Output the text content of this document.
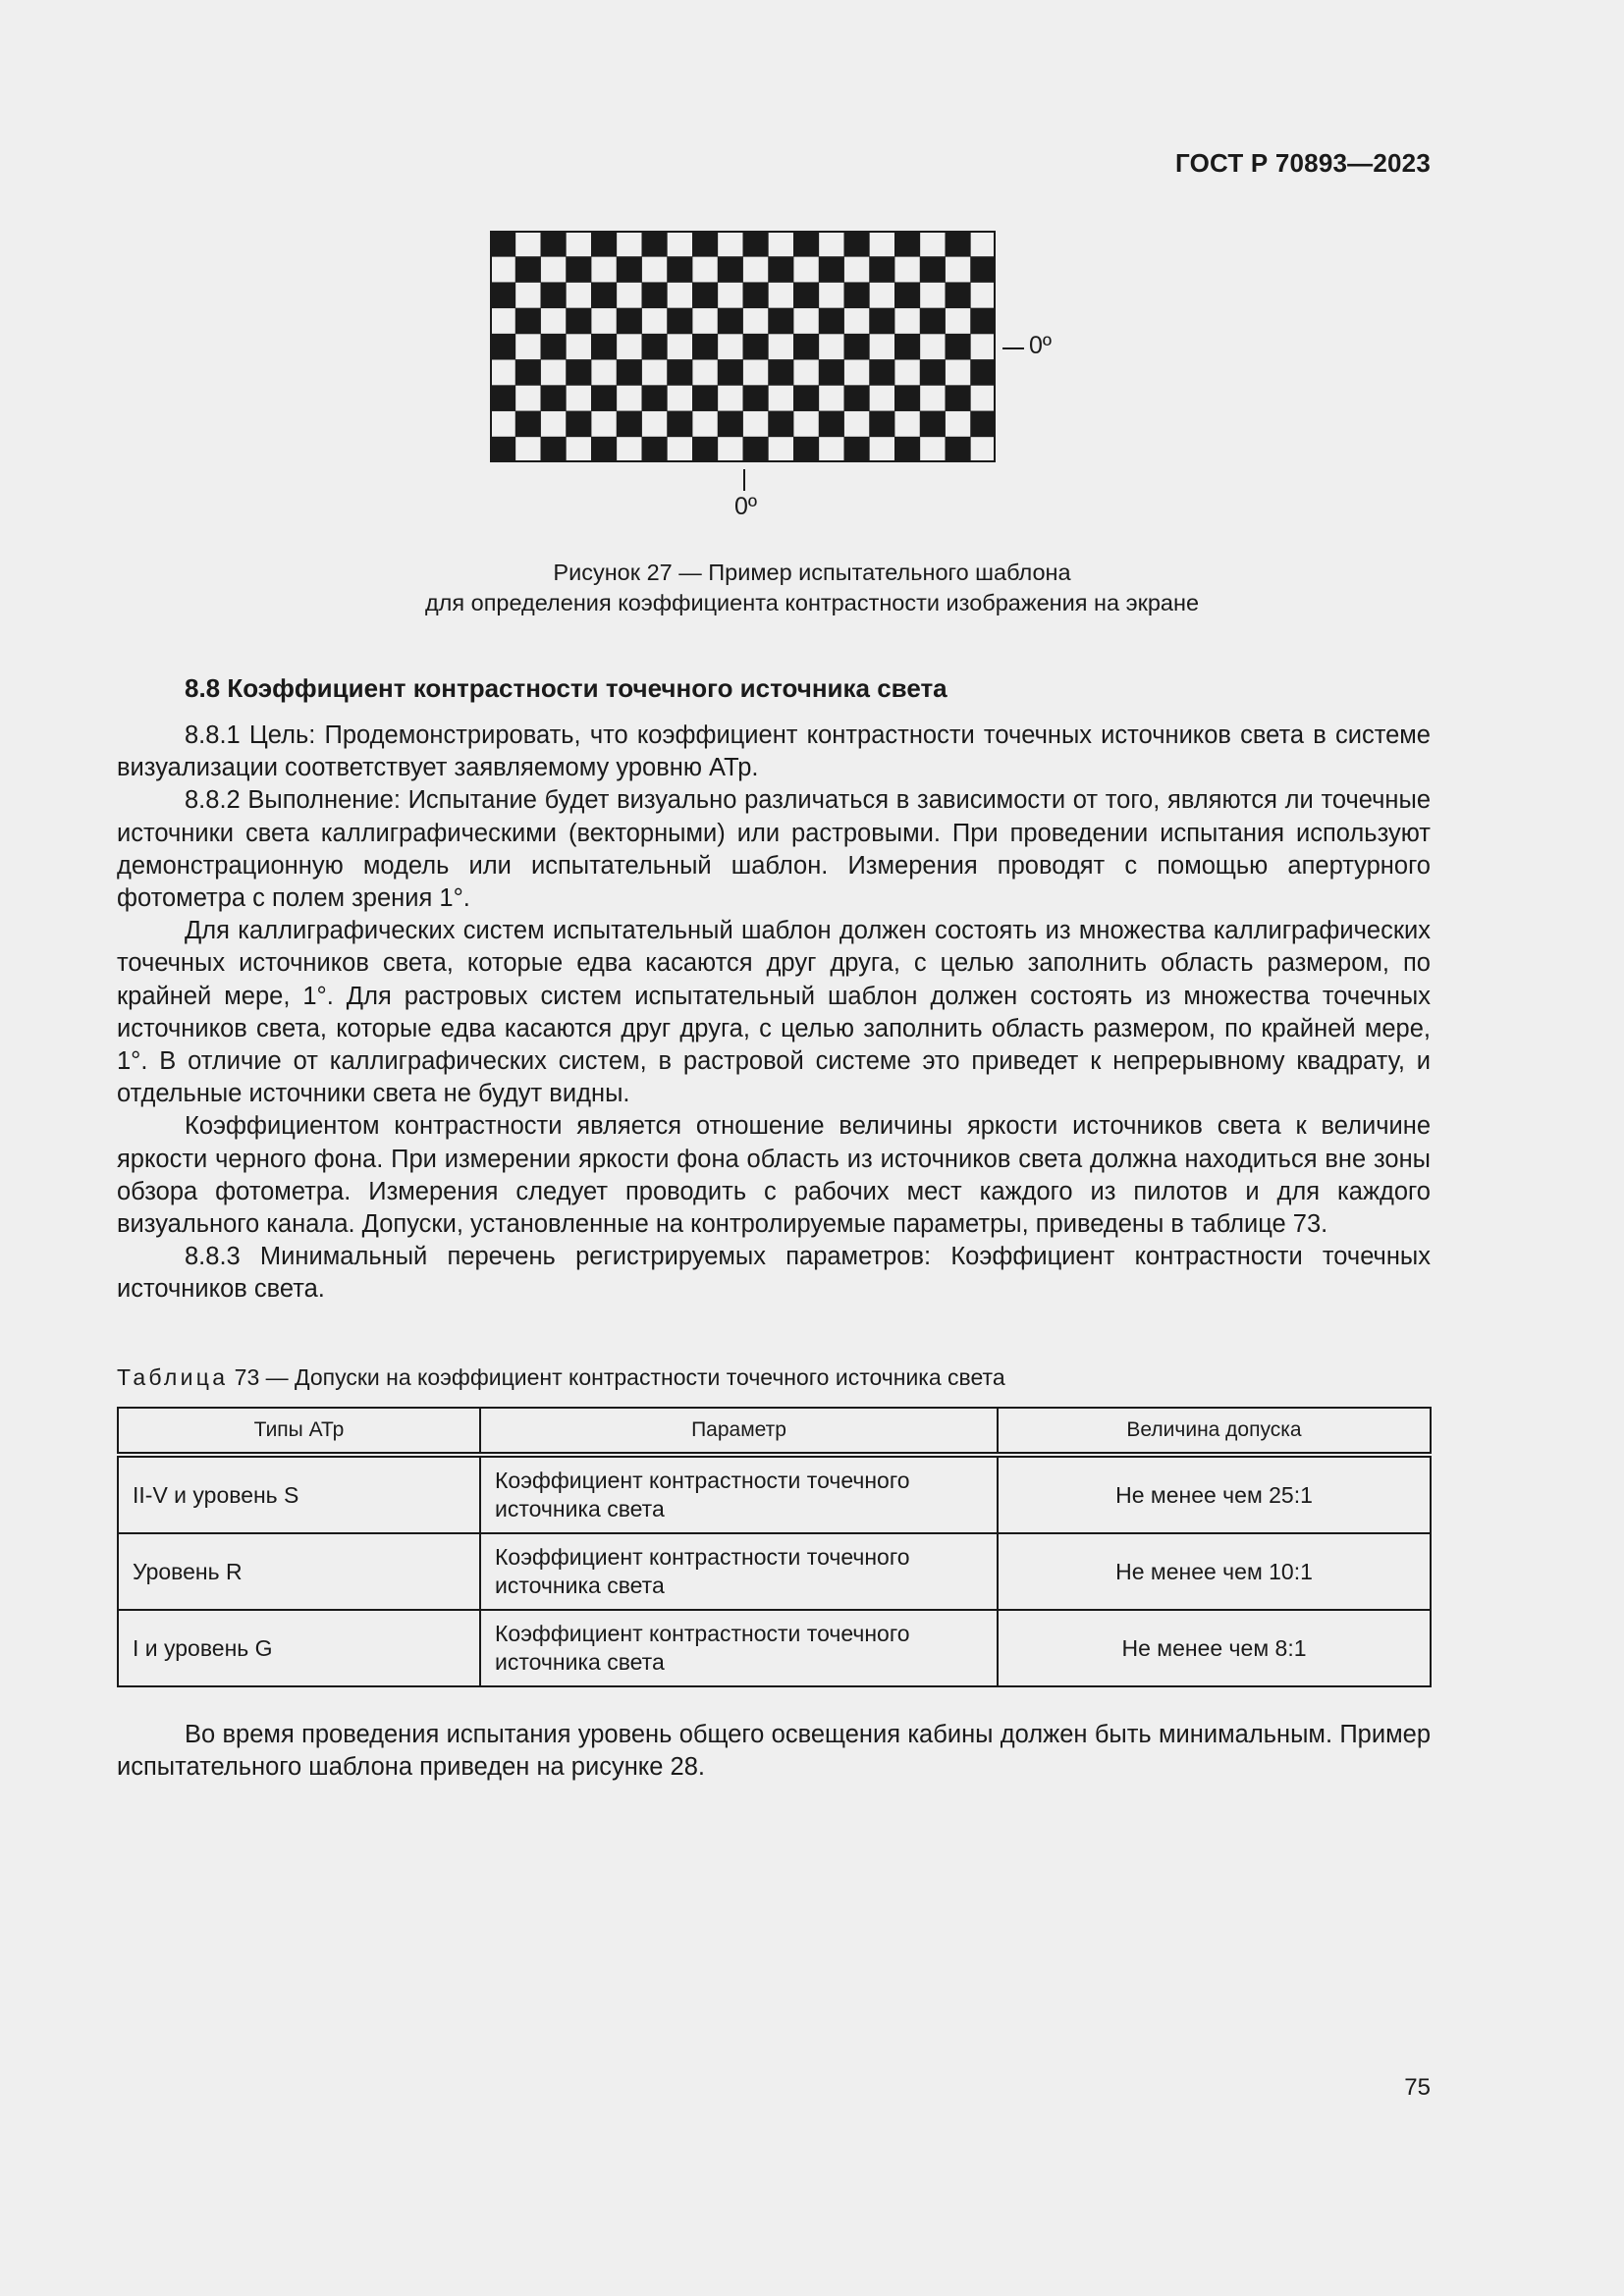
ГОСТ Р 70893—2023
0º
0º
Рисунок 27 — Пример испытательного шаблона
для определения коэффициента контрастности изображения на экране
8.8 Коэффициент контрастности точечного источника света

8.8.1 Цель: Продемонстрировать, что коэффициент контрастности точечных источников света в системе визуализации соответствует заявляемому уровню АТр.

8.8.2 Выполнение: Испытание будет визуально различаться в зависимости от того, являются ли точечные источники света каллиграфическими (векторными) или растровыми. При проведении испытания используют демонстрационную модель или испытательный шаблон. Измерения проводят с помощью апертурного фотометра с полем зрения 1°.

Для каллиграфических систем испытательный шаблон должен состоять из множества каллиграфических точечных источников света, которые едва касаются друг друга, с целью заполнить область размером, по крайней мере, 1°. Для растровых систем испытательный шаблон должен состоять из множества точечных источников света, которые едва касаются друг друга, с целью заполнить область размером, по крайней мере, 1°. В отличие от каллиграфических систем, в растровой системе это приведет к непрерывному квадрату, и отдельные источники света не будут видны.

Коэффициентом контрастности является отношение величины яркости источников света к величине яркости черного фона. При измерении яркости фона область из источников света должна находиться вне зоны обзора фотометра. Измерения следует проводить с рабочих мест каждого из пилотов и для каждого визуального канала. Допуски, установленные на контролируемые параметры, приведены в таблице 73.

8.8.3 Минимальный перечень регистрируемых параметров: Коэффициент контрастности точечных источников света.

Таблица 73 — Допуски на коэффициент контрастности точечного источника света
Типы АТр	Параметр	Величина допуска
II-V и уровень S	Коэффициент контрастности точечного источника света	Не менее чем 25:1
Уровень R	Коэффициент контрастности точечного источника света	Не менее чем 10:1
I и уровень G	Коэффициент контрастности точечного источника света	Не менее чем 8:1

Во время проведения испытания уровень общего освещения кабины должен быть минимальным. Пример испытательного шаблона приведен на рисунке 28.

75
